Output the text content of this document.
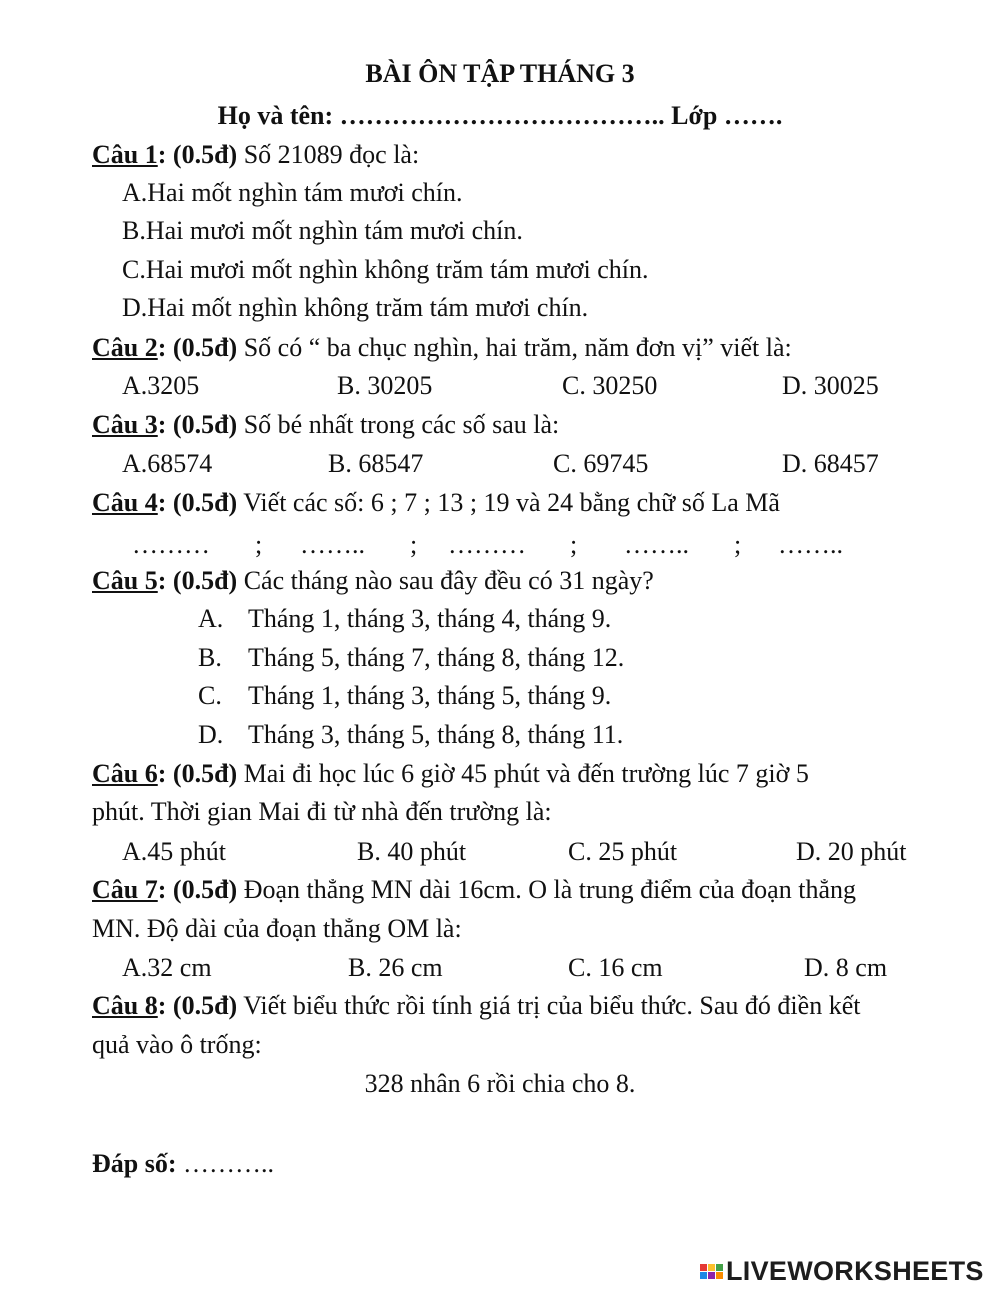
BÀI ÔN TẬP THÁNG 3
Họ và tên: ……………………………….. Lớp …….
Câu 1: (0.5đ) Số 21089 đọc là:
A.Hai mốt nghìn tám mươi chín.
B.Hai mươi mốt nghìn tám mươi chín.
C.Hai mươi mốt nghìn không trăm tám mươi chín.
D.Hai mốt nghìn không trăm tám mươi chín.
Câu 2: (0.5đ) Số có “ ba chục nghìn, hai trăm, năm đơn vị” viết là:
A.3205	B. 30205	C. 30250	D. 30025
Câu 3: (0.5đ) Số bé nhất trong các số sau là:
A.68574	B. 68547	C. 69745	D. 68457
Câu 4: (0.5đ) Viết các số: 6 ; 7 ; 13 ; 19 và 24 bằng chữ số La Mã
……… ; …….. ; ……… ; …….. ; ……..
Câu 5: (0.5đ) Các tháng nào sau đây đều có 31 ngày?
A. Tháng 1, tháng 3, tháng 4, tháng 9.
B. Tháng 5, tháng 7, tháng 8, tháng 12.
C. Tháng 1, tháng 3, tháng 5, tháng 9.
D. Tháng 3, tháng 5, tháng 8, tháng 11.
Câu 6: (0.5đ) Mai đi học lúc 6 giờ 45 phút và đến trường lúc 7 giờ 5
phút. Thời gian Mai đi từ nhà đến trường là:
A.45 phút	B. 40 phút	C. 25 phút	D. 20 phút
Câu 7: (0.5đ) Đoạn thẳng MN dài 16cm. O là trung điểm của đoạn thẳng
MN. Độ dài của đoạn thẳng OM là:
A.32 cm	B. 26 cm	C. 16 cm	D. 8 cm
Câu 8: (0.5đ) Viết biểu thức rồi tính giá trị của biểu thức. Sau đó điền kết
quả vào ô trống:
328 nhân 6 rồi chia cho 8.
Đáp số: ………..
LIVEWORKSHEETS
